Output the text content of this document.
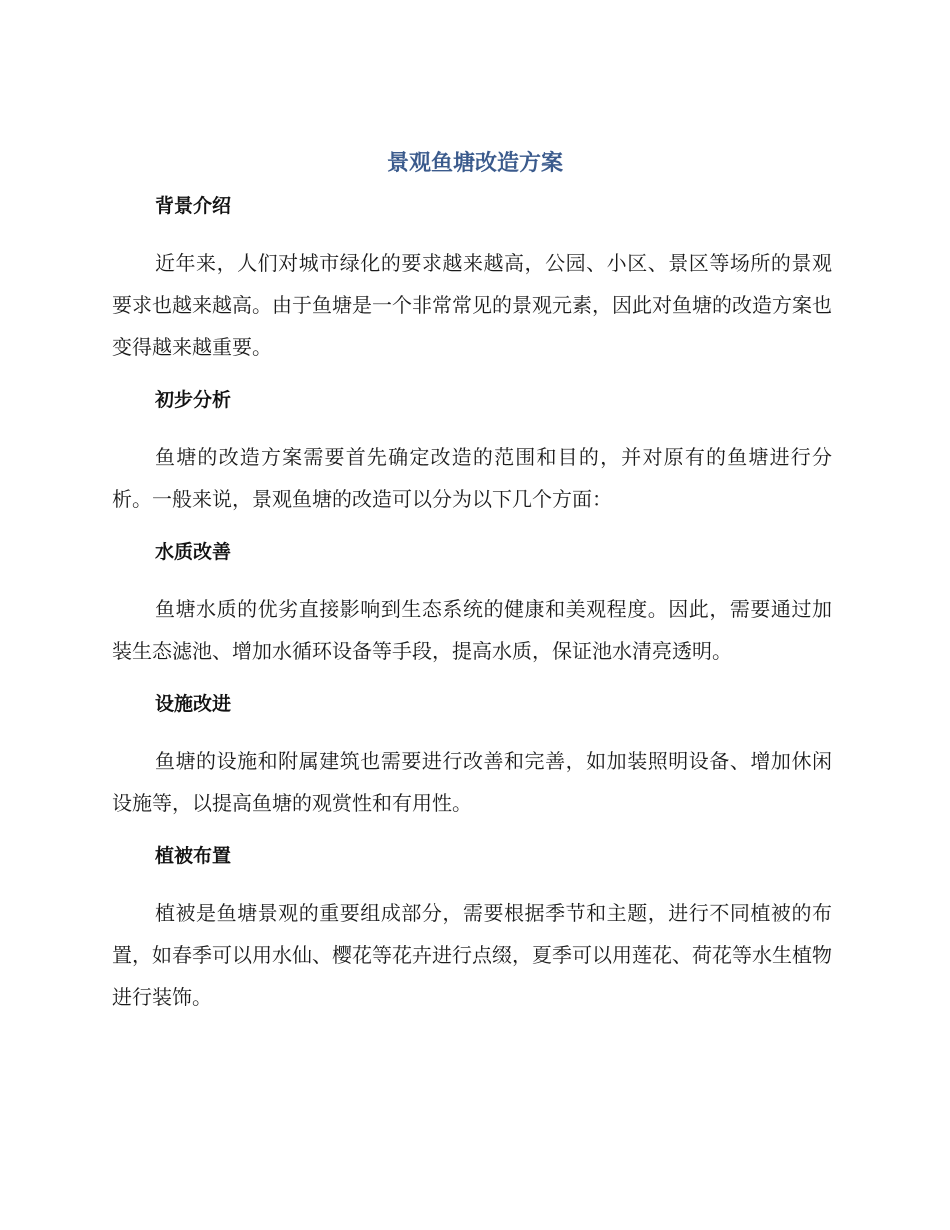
景观鱼塘改造方案
背景介绍

近年来，人们对城市绿化的要求越来越高，公园、小区、景区等场所的景观要求也越来越高。由于鱼塘是一个非常常见的景观元素，因此对鱼塘的改造方案也变得越来越重要。

初步分析

鱼塘的改造方案需要首先确定改造的范围和目的，并对原有的鱼塘进行分析。一般来说，景观鱼塘的改造可以分为以下几个方面：

水质改善

鱼塘水质的优劣直接影响到生态系统的健康和美观程度。因此，需要通过加装生态滤池、增加水循环设备等手段，提高水质，保证池水清亮透明。

设施改进

鱼塘的设施和附属建筑也需要进行改善和完善，如加装照明设备、增加休闲设施等，以提高鱼塘的观赏性和有用性。

植被布置

植被是鱼塘景观的重要组成部分，需要根据季节和主题，进行不同植被的布置，如春季可以用水仙、樱花等花卉进行点缀，夏季可以用莲花、荷花等水生植物进行装饰。
